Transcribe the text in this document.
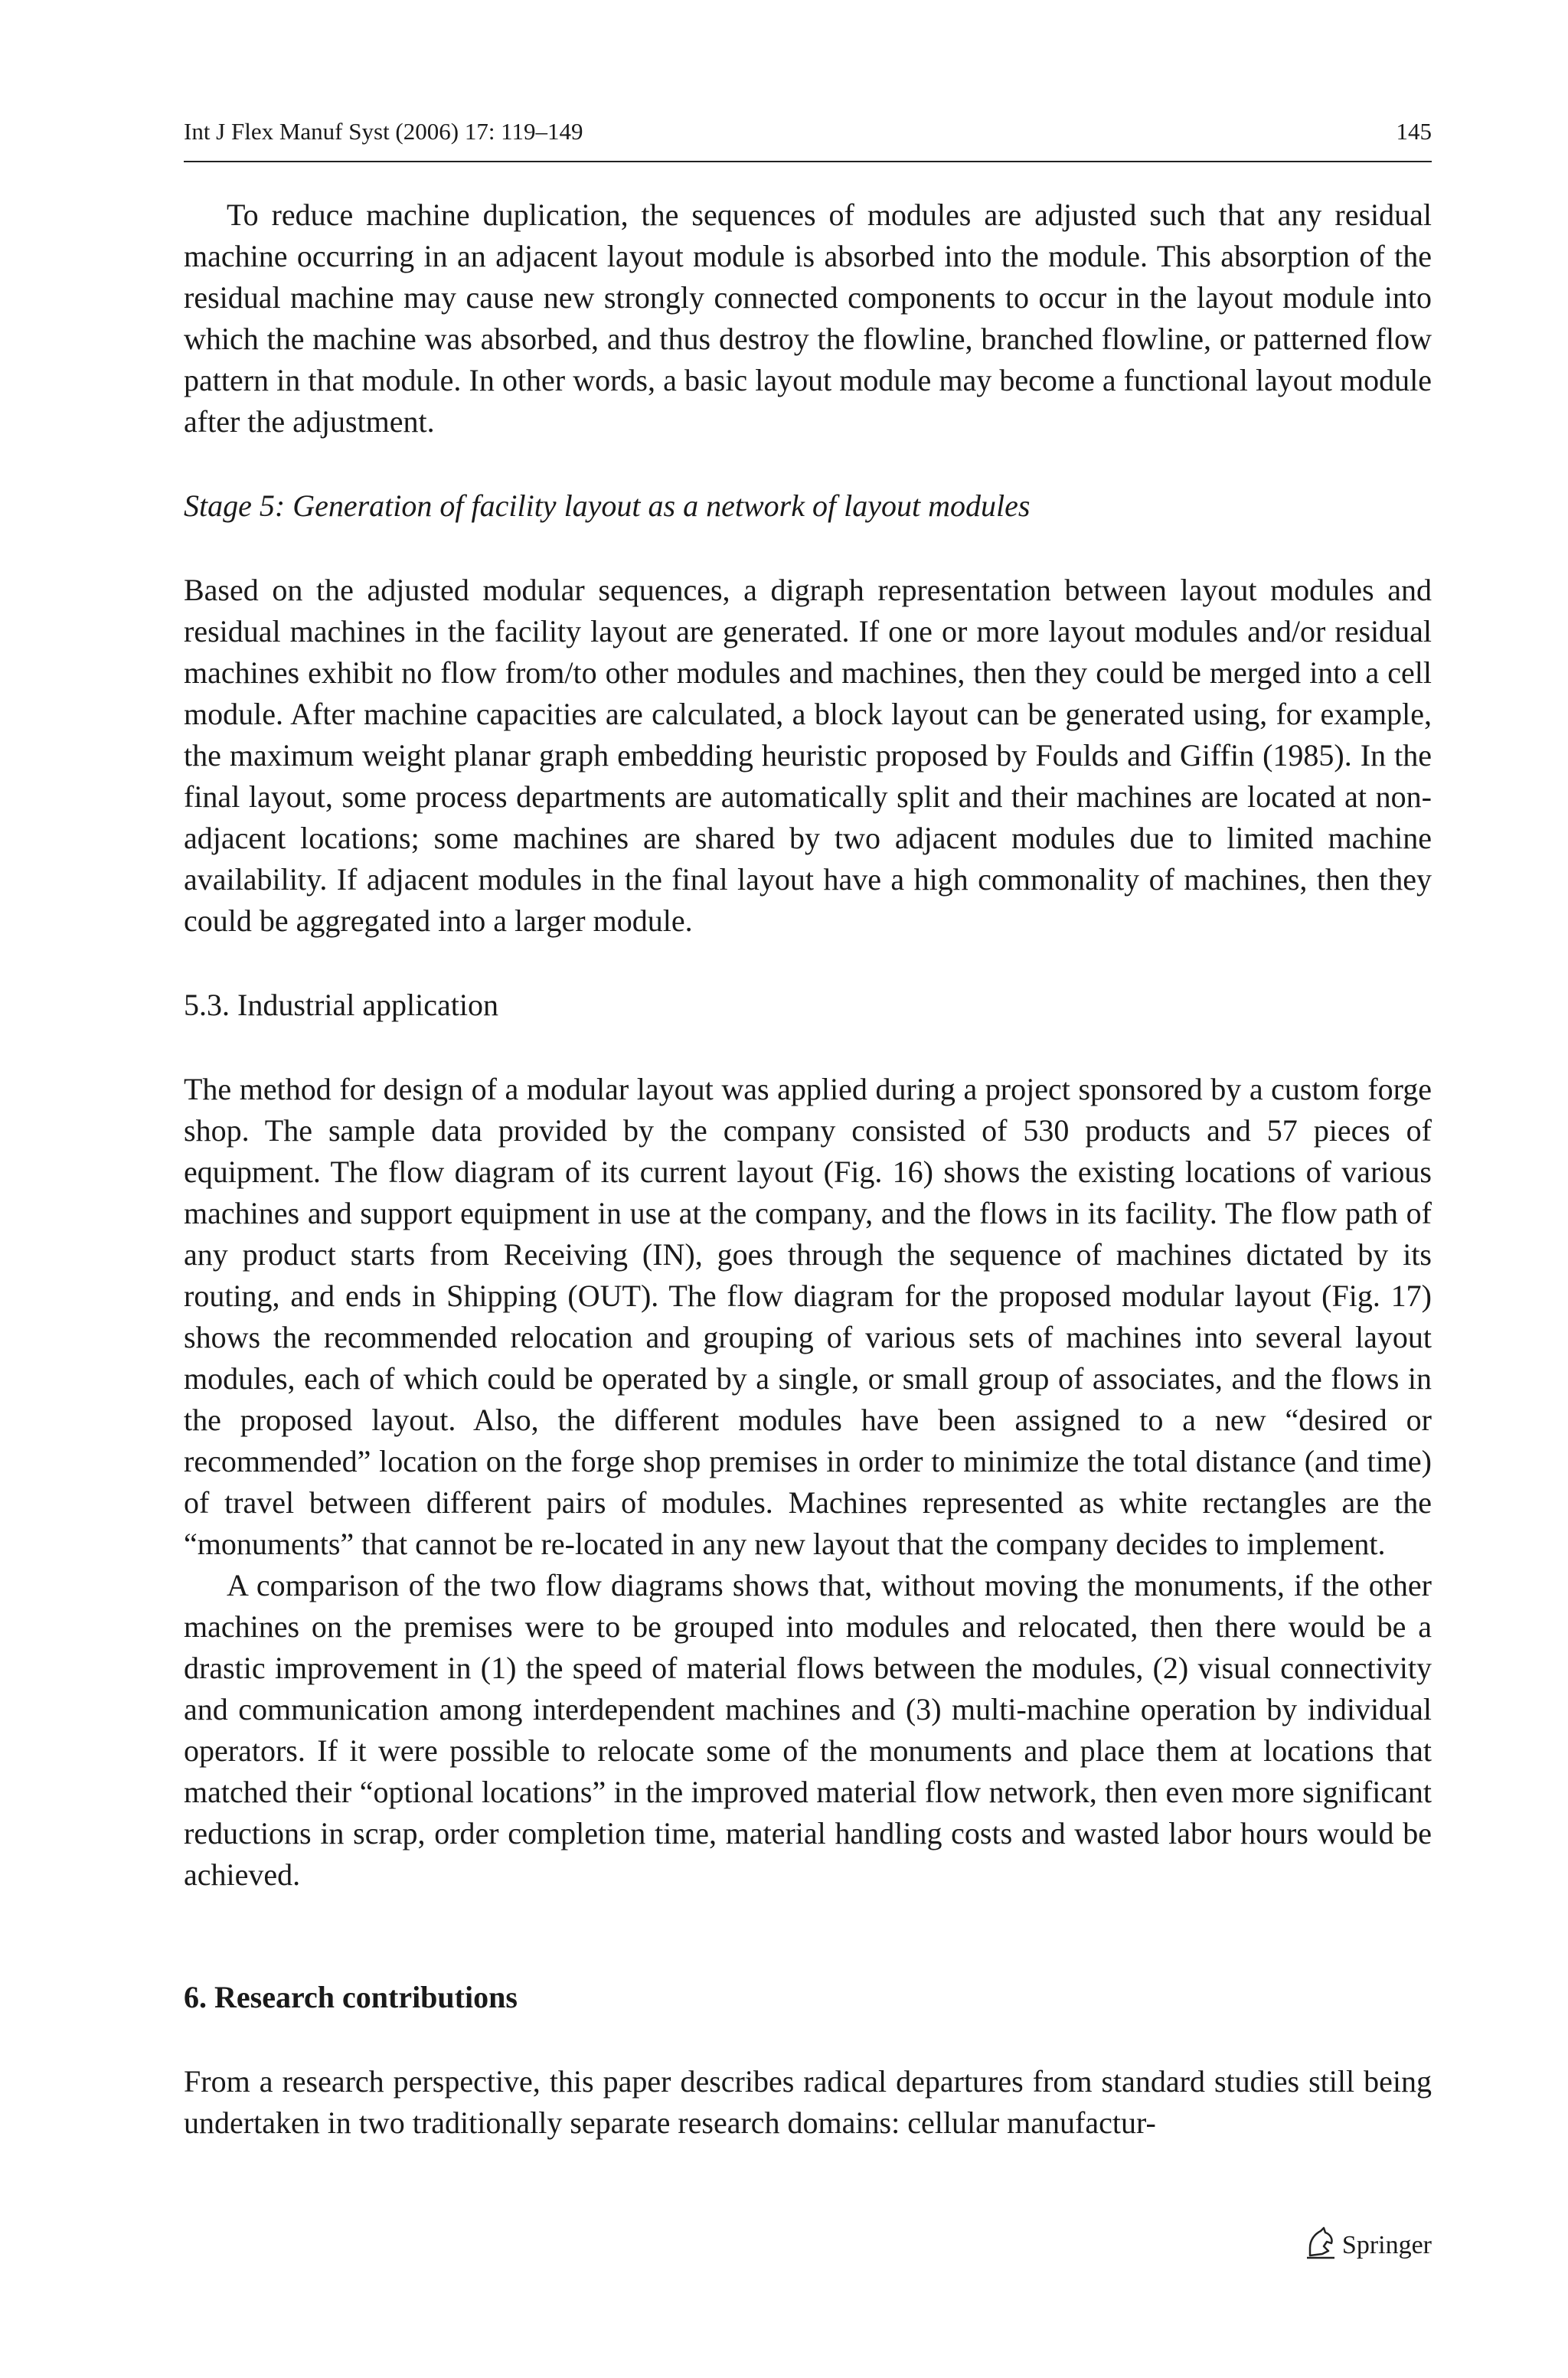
Int J Flex Manuf Syst (2006) 17: 119–149	145

To reduce machine duplication, the sequences of modules are adjusted such that any residual machine occurring in an adjacent layout module is absorbed into the module. This absorption of the residual machine may cause new strongly connected components to occur in the layout module into which the machine was absorbed, and thus destroy the flowline, branched flowline, or patterned flow pattern in that module. In other words, a basic layout module may become a functional layout module after the adjustment.

Stage 5: Generation of facility layout as a network of layout modules

Based on the adjusted modular sequences, a digraph representation between layout modules and residual machines in the facility layout are generated. If one or more layout modules and/or residual machines exhibit no flow from/to other modules and machines, then they could be merged into a cell module. After machine capacities are calculated, a block layout can be generated using, for example, the maximum weight planar graph embedding heuristic proposed by Foulds and Giffin (1985). In the final layout, some process departments are automatically split and their machines are located at non-adjacent locations; some machines are shared by two adjacent modules due to limited machine availability. If adjacent modules in the final layout have a high commonality of machines, then they could be aggregated into a larger module.

5.3. Industrial application

The method for design of a modular layout was applied during a project sponsored by a custom forge shop. The sample data provided by the company consisted of 530 products and 57 pieces of equipment. The flow diagram of its current layout (Fig. 16) shows the existing locations of various machines and support equipment in use at the company, and the flows in its facility. The flow path of any product starts from Receiving (IN), goes through the sequence of machines dictated by its routing, and ends in Shipping (OUT). The flow diagram for the proposed modular layout (Fig. 17) shows the recommended relocation and grouping of various sets of machines into several layout modules, each of which could be operated by a single, or small group of associates, and the flows in the proposed layout. Also, the different modules have been assigned to a new “desired or recommended” location on the forge shop premises in order to minimize the total distance (and time) of travel between different pairs of modules. Machines represented as white rectangles are the “monuments” that cannot be re-located in any new layout that the company decides to implement.

A comparison of the two flow diagrams shows that, without moving the monuments, if the other machines on the premises were to be grouped into modules and relocated, then there would be a drastic improvement in (1) the speed of material flows between the modules, (2) visual connectivity and communication among interdependent machines and (3) multi-machine operation by individual operators. If it were possible to relocate some of the monuments and place them at locations that matched their “optional locations” in the improved material flow network, then even more significant reductions in scrap, order completion time, material handling costs and wasted labor hours would be achieved.

6. Research contributions

From a research perspective, this paper describes radical departures from standard studies still being undertaken in two traditionally separate research domains: cellular manufactur-

Springer
